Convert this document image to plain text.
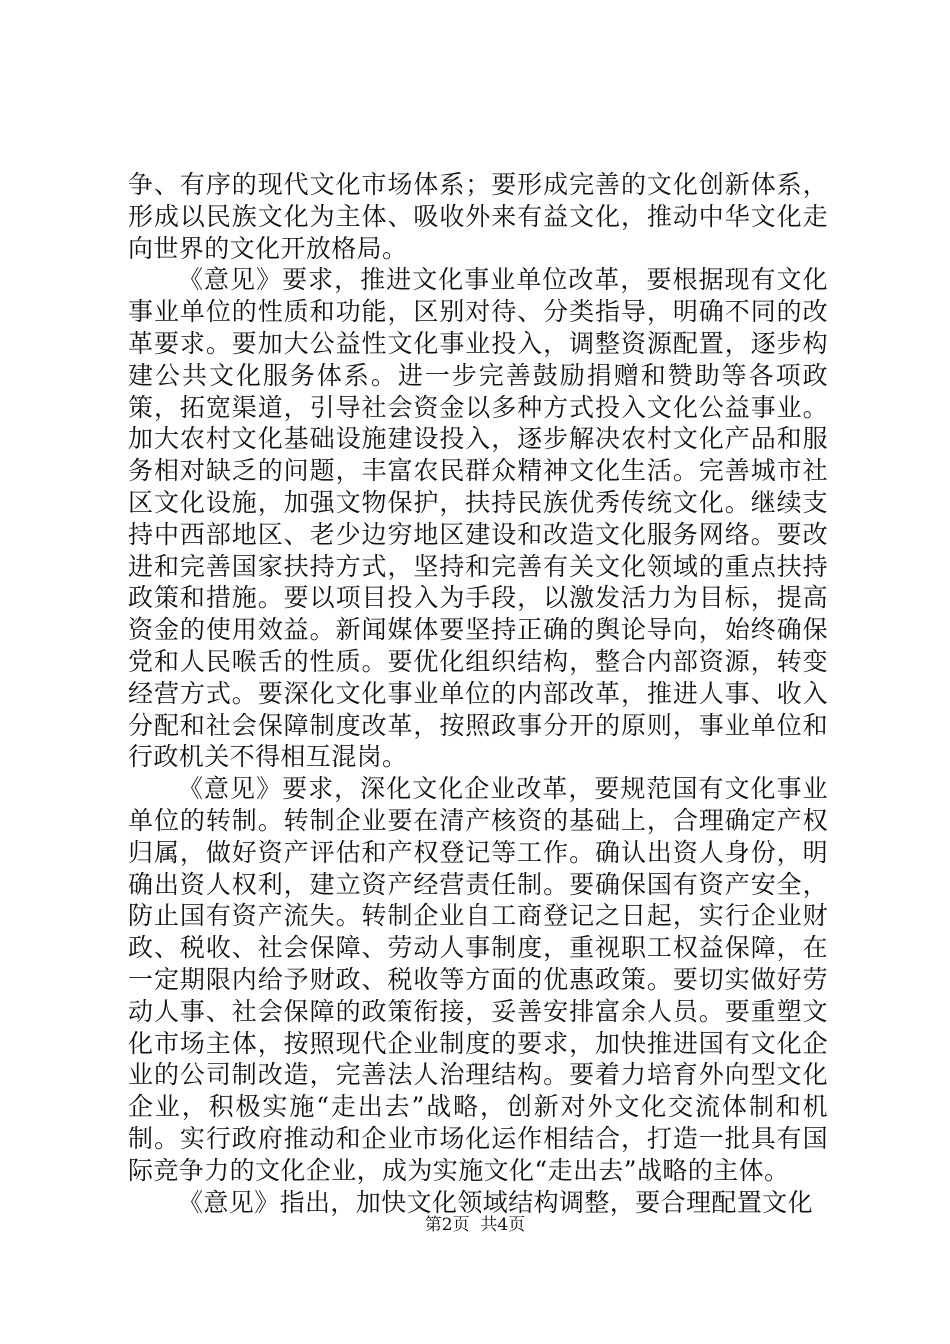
争、有序的现代文化市场体系；要形成完善的文化创新体系，形成以民族文化为主体、吸收外来有益文化，推动中华文化走向世界的文化开放格局。

《意见》要求，推进文化事业单位改革，要根据现有文化事业单位的性质和功能，区别对待、分类指导，明确不同的改革要求。要加大公益性文化事业投入，调整资源配置，逐步构建公共文化服务体系。进一步完善鼓励捐赠和赞助等各项政策，拓宽渠道，引导社会资金以多种方式投入文化公益事业。加大农村文化基础设施建设投入，逐步解决农村文化产品和服务相对缺乏的问题，丰富农民群众精神文化生活。完善城市社区文化设施，加强文物保护，扶持民族优秀传统文化。继续支持中西部地区、老少边穷地区建设和改造文化服务网络。要改进和完善国家扶持方式，坚持和完善有关文化领域的重点扶持政策和措施。要以项目投入为手段，以激发活力为目标，提高资金的使用效益。新闻媒体要坚持正确的舆论导向，始终确保党和人民喉舌的性质。要优化组织结构，整合内部资源，转变经营方式。要深化文化事业单位的内部改革，推进人事、收入分配和社会保障制度改革，按照政事分开的原则，事业单位和行政机关不得相互混岗。

《意见》要求，深化文化企业改革，要规范国有文化事业单位的转制。转制企业要在清产核资的基础上，合理确定产权归属，做好资产评估和产权登记等工作。确认出资人身份，明确出资人权利，建立资产经营责任制。要确保国有资产安全，防止国有资产流失。转制企业自工商登记之日起，实行企业财政、税收、社会保障、劳动人事制度，重视职工权益保障，在一定期限内给予财政、税收等方面的优惠政策。要切实做好劳动人事、社会保障的政策衔接，妥善安排富余人员。要重塑文化市场主体，按照现代企业制度的要求，加快推进国有文化企业的公司制改造，完善法人治理结构。要着力培育外向型文化企业，积极实施“走出去”战略，创新对外文化交流体制和机制。实行政府推动和企业市场化运作相结合，打造一批具有国际竞争力的文化企业，成为实施文化“走出去”战略的主体。

《意见》指出，加快文化领域结构调整，要合理配置文化

第2页  共4页
